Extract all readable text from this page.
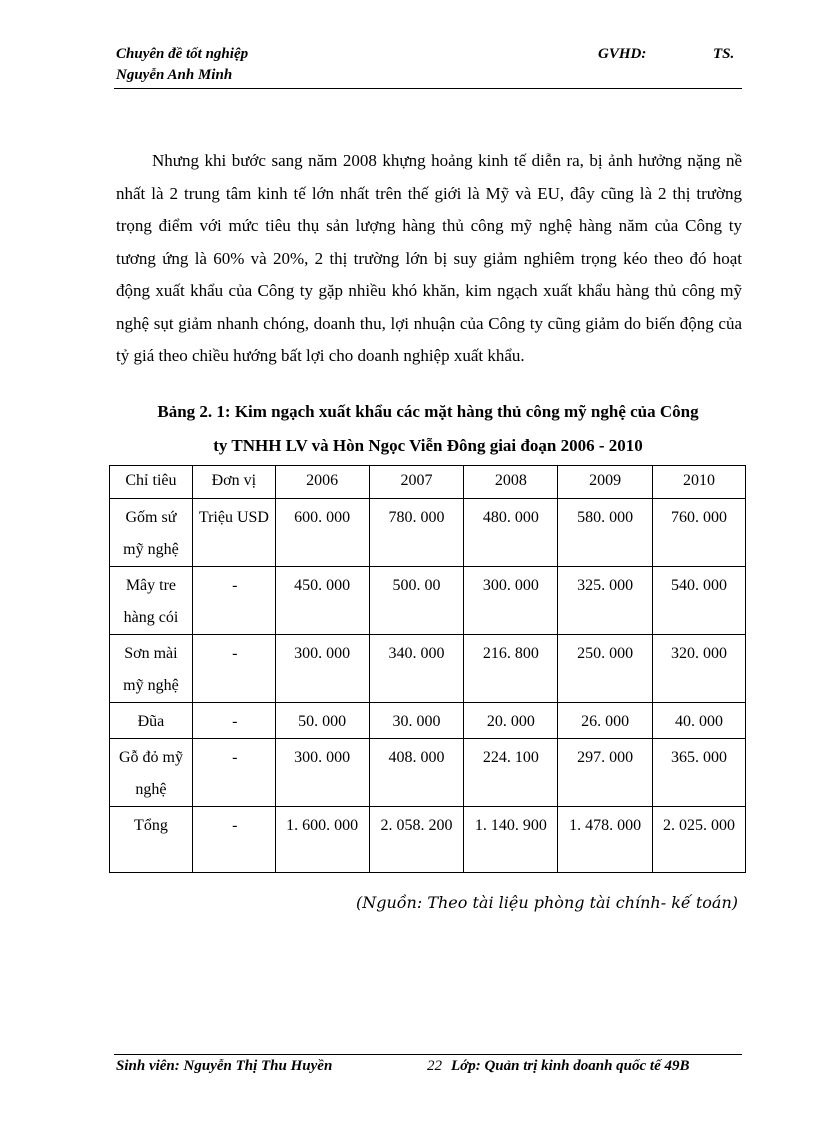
Chuyên đề tốt nghiệp
Nguyễn Anh Minh
GVHD:	TS.

Nhưng khi bước sang năm 2008 khựng hoảng kinh tế diễn ra, bị ảnh hưởng nặng nề nhất là 2 trung tâm kinh tế lớn nhất trên thế giới là Mỹ và EU, đây cũng là 2 thị trường trọng điểm với mức tiêu thụ sản lượng hàng thủ công mỹ nghệ hàng năm của Công ty tương ứng là 60% và 20%, 2 thị trường lớn bị suy giảm nghiêm trọng kéo theo đó hoạt động xuất khẩu của Công ty gặp nhiều khó khăn, kim ngạch xuất khẩu hàng thủ công mỹ nghệ sụt giảm nhanh chóng, doanh thu, lợi nhuận của Công ty cũng giảm do biến động của tỷ giá theo chiều hướng bất lợi cho doanh nghiệp xuất khẩu.

Bảng 2. 1: Kim ngạch xuất khẩu các mặt hàng thủ công mỹ nghệ của Công
ty TNHH LV và Hòn Ngọc Viễn Đông giai đoạn 2006 - 2010
Chỉ tiêu	Đơn vị	2006	2007	2008	2009	2010
Gốm sứ mỹ nghệ	Triệu USD	600. 000	780. 000	480. 000	580. 000	760. 000
Mây tre hàng cói	-	450. 000	500. 00	300. 000	325. 000	540. 000
Sơn mài mỹ nghệ	-	300. 000	340. 000	216. 800	250. 000	320. 000
Đũa	-	50. 000	30. 000	20. 000	26. 000	40. 000
Gỗ đỏ mỹ nghệ	-	300. 000	408. 000	224. 100	297. 000	365. 000
Tổng	-	1. 600. 000	2. 058. 200	1. 140. 900	1. 478. 000	2. 025. 000
(Nguồn: Theo tài liệu phòng tài chính- kế toán)
Sinh viên: Nguyễn Thị Thu Huyền	22 Lớp: Quản trị kinh doanh quốc tế 49B
